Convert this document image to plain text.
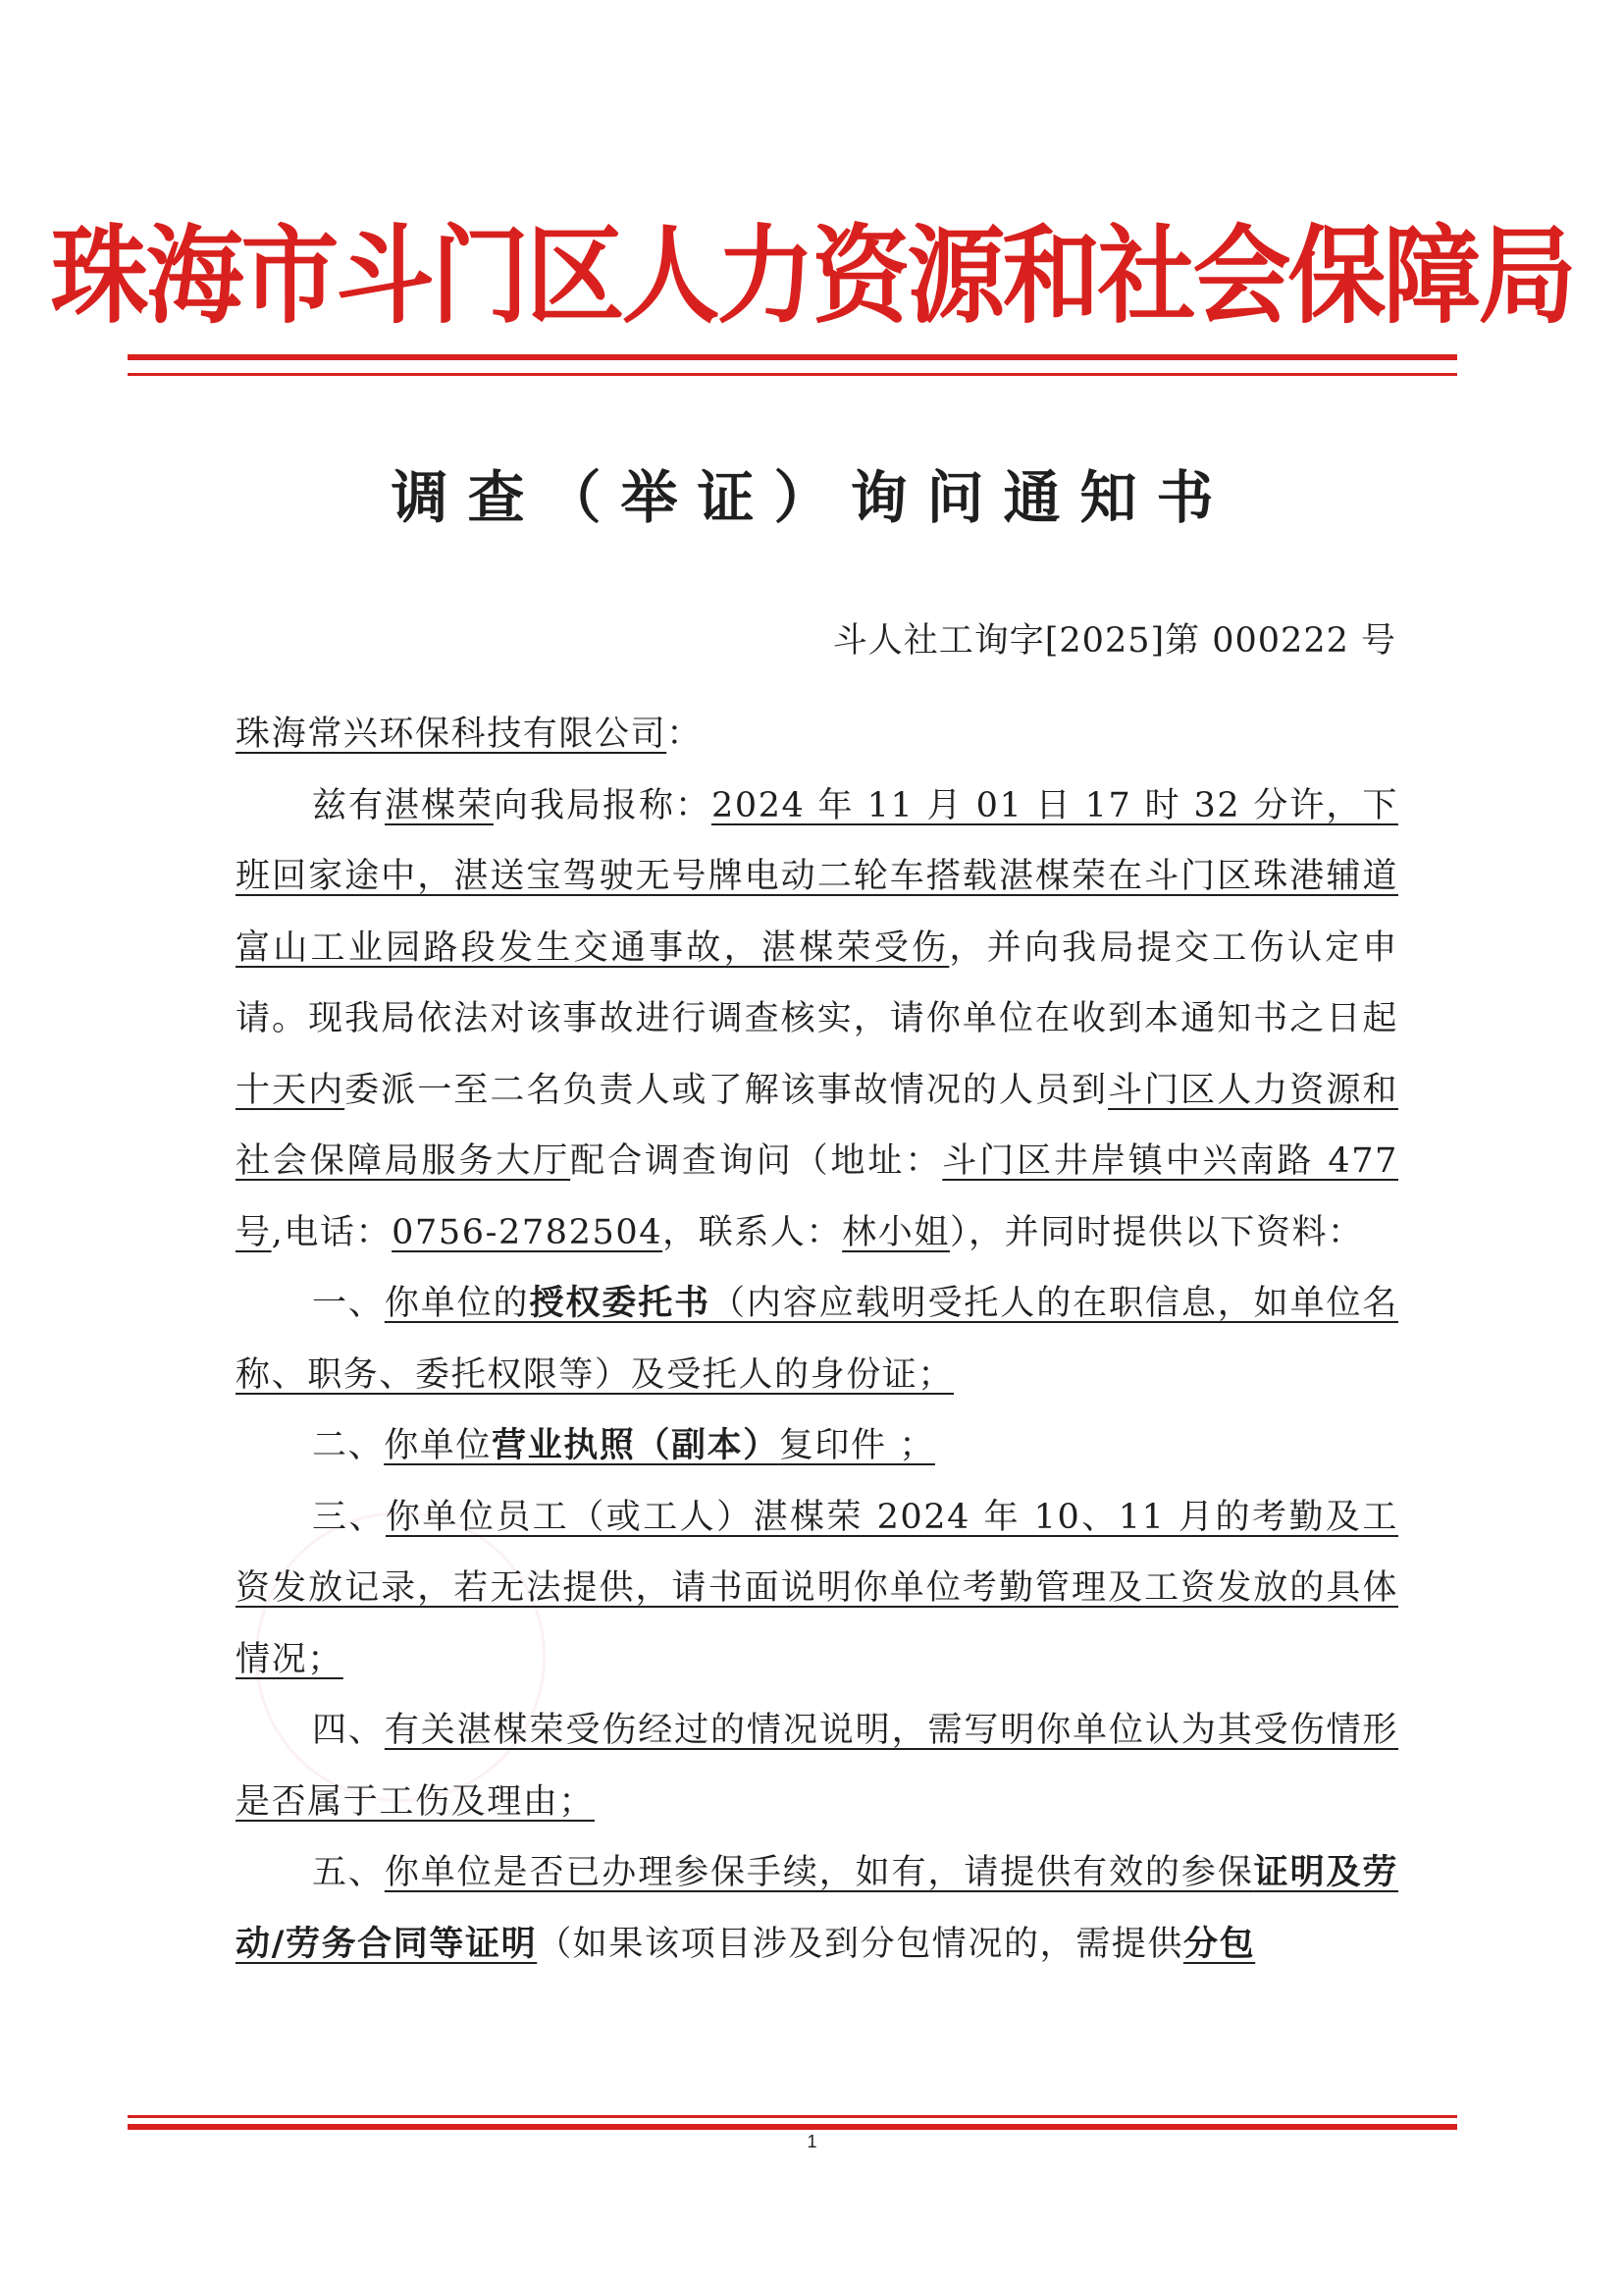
珠海市斗门区人力资源和社会保障局
调查（举证）询问通知书
斗人社工询字[2025]第 000222 号

珠海常兴环保科技有限公司：

兹有湛楳荣向我局报称：2024 年 11 月 01 日 17 时 32 分许，下班回家途中，湛送宝驾驶无号牌电动二轮车搭载湛楳荣在斗门区珠港辅道富山工业园路段发生交通事故，湛楳荣受伤，并向我局提交工伤认定申请。现我局依法对该事故进行调查核实，请你单位在收到本通知书之日起十天内委派一至二名负责人或了解该事故情况的人员到斗门区人力资源和社会保障局服务大厅配合调查询问（地址：斗门区井岸镇中兴南路 477 号,电话：0756-2782504，联系人：林小姐），并同时提供以下资料：

一、你单位的授权委托书（内容应载明受托人的在职信息，如单位名称、职务、委托权限等）及受托人的身份证；

二、你单位营业执照（副本）复印件 ；

三、你单位员工（或工人）湛楳荣 2024 年 10、11 月的考勤及工资发放记录，若无法提供，请书面说明你单位考勤管理及工资发放的具体情况；

四、有关湛楳荣受伤经过的情况说明，需写明你单位认为其受伤情形是否属于工伤及理由；

五、你单位是否已办理参保手续，如有，请提供有效的参保证明及劳动/劳务合同等证明（如果该项目涉及到分包情况的，需提供分包

1
